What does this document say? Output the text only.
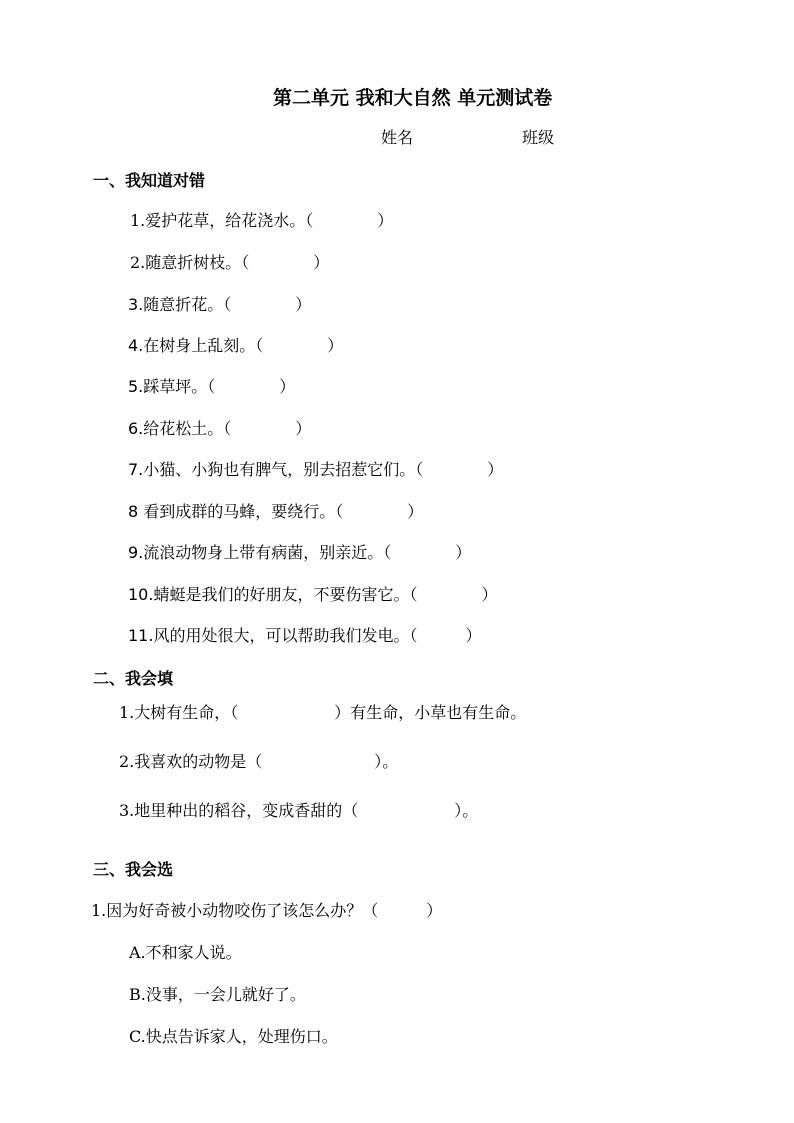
第二单元 我和大自然 单元测试卷
姓名	班级
一、我知道对错
1.爱护花草，给花浇水。（　　　　）
2.随意折树枝。（　　　　）
3.随意折花。（　　　　）
4.在树身上乱刻。（　　　　）
5.踩草坪。（　　　　）
6.给花松土。（　　　　）
7.小猫、小狗也有脾气，别去招惹它们。（　　　　）
8 看到成群的马蜂，要绕行。（　　　　）
9.流浪动物身上带有病菌，别亲近。（　　　　）
10.蜻蜓是我们的好朋友，不要伤害它。（　　　　）
11.风的用处很大，可以帮助我们发电。（　　　）
二、我会填
1.大树有生命，（　　　　　　）有生命，小草也有生命。
2.我喜欢的动物是（　　　　　　　）。
3.地里种出的稻谷，变成香甜的（　　　　　　）。
三、我会选
1.因为好奇被小动物咬伤了该怎么办？（　　　）
A.不和家人说。
B.没事，一会儿就好了。
C.快点告诉家人，处理伤口。
